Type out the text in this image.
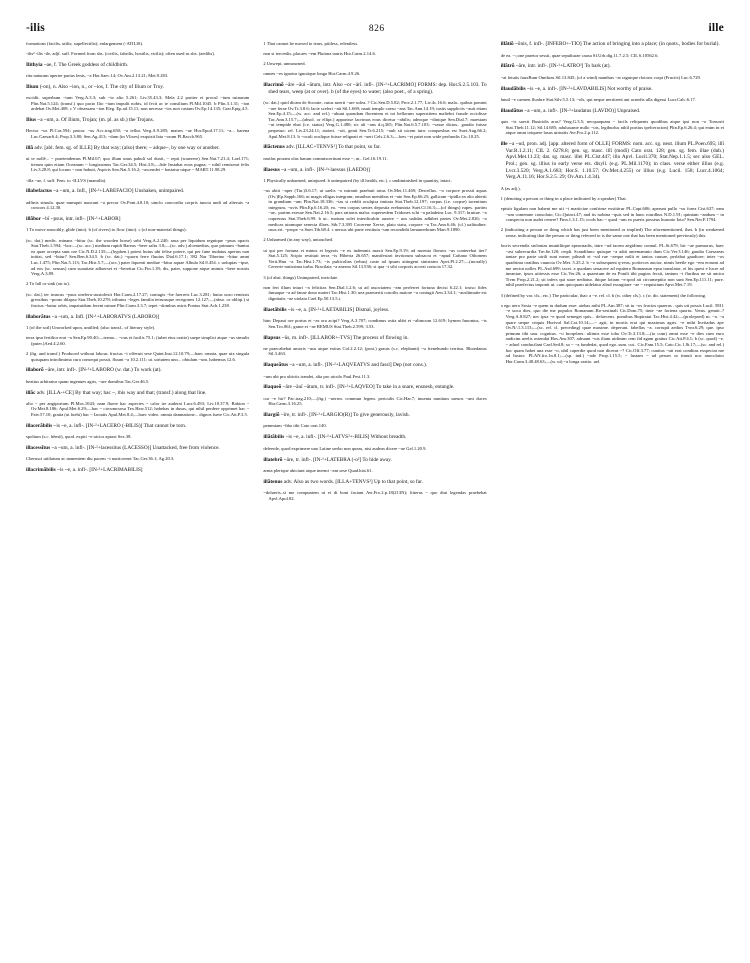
-ilis	826	ille

formations (facilis, utilis; supellectilis); enlargement (-ATILIS).

-ilis² -ilis -ile, adjf. suff. Formed from sbs. (civilis, fabrilis, hostilis, virilis); often used as sbs. (aedilis).

Ilithyia ~ae, f. The Greek goddess of childbirth.

ritu naturam aperire partus lenis, ~a Hor.Saec.14; Ov.Am.2.13.21; Met.9.283.

Ilium (-on), n. Also ~ion, n., or ~ios, f. The city of Ilium or Troy.

excidit. superbum ~ium Verg.A.3.3; sub ~io alto 5.261; Liv.35.43.3; Mela 2.2 pariter et procul ~ium ruinarum Plin.Nat.5.124; (transf.) quo pacto Ilio ~ium impulit nobis, id fecit ac te consilium Pl.Mil.1045. b Plin.3.1.31; ~ion ardebat Ov.Met.408. c V obsessam ~ion Eleg. Ep.ad.15.11; non necesse ~ios non castam Ov.Ep.14.135; Grat.Epig.4.5.

Ilius ~a ~um, a. Of Ilium, Trojan; (m. pl. as sb.) the Trojans.

Hector ~us Pl.Cas.594; pastor. ~us Acc.trag.650; ~a tellus Verg.A.9.285; matres ~ae Hor.Epod.17.11; ~a... harena Luc.Caesar6.4; Prop.3.3.80; Sen.Ag.413; ~dum (in Vlixes) exquisit Iata ~orum Pl.Bacch.965.

illā adv. [abl. fem. sg. of ILLE] By that way; (also) there; ~ adque~, by one way or another.

ut te nollē... ~ praetendemus Pl.Mil.67; quo illum unus pabuli sol duxit, ~ repit (souerere) Sen.Nat.7.21.4; Lael.171; iterum quin etiam Oceanum ~ longissimus Tac.Ger.34.5; Hist.3.8;—fide Instabat eous pugna; ~ nihil remiserat felix Liv.3.28.8; qui locum ~ non habuit, Aspicis Sen.Nat.5.16.2; ~ascendet ~ bastatur utque ~ MART.11.98.29.

-illa ~ae, f. suff. Fem. to -ILLVS (mamilla).

illabefactus ~a ~um, a. Infl., [IN-¹+LABEFACIO] Unshaken, unimpaired.

adfinis simula. quae numquit nuncant ~a precor Ov.Pont.4.8.10; uinclo concordia corpris iuncta undi ad alteruis ~a concors 4.12.30.

illābor ~bī ~psus, intr. infl-. [IN-¹+LABOR]

1 To move smoothly, glide (into). b (of rivers) to flow (into). c (of non-material things).

(sc. dat.) medic. minans ~bitur (sc. the wooden horse) urbi Verg.A.2.240; arua per liquidum regnique ~psus opacis Stat.Theb.1.594; ~bor:—(sc. acc.) medium rapidi Bareas ~bere saltu 3.8;—(sc. adv.) alcemedius, quo primum ~bantur ea quae accepta sunt ore Cic.N.D.2.135;—(hyphen.) potest huius ubi felise potere, qui per fune nudatus apertus non initiat, sed ~bitur? Sen.Ben.6.34.5. b (sc. dat.) ~quorn ferre fluuius Dial.6.17.1; 392 Nar Tiberino ~bitur amni Luc.1.475; Plin.Nat.5.113; Tac.Hist.5.7;—(acc.) pater liquenti mediae ~bitur aquae Albula Sil.8.454. c uoluptas ~ipse, ad eos (sc. sensus) cum suauitate adluerset et ~bereitur Cic.Fin.1.39; dis, pater, suppone atque animis ~bere nostris Verg.A.3.89.

2 To fall or sink (on to).

(sc. dat.) ter truncus ~psus onelerw:austolexit Hor.Carm.2.17.27; coniugis ~be fuerreis Luc.3.281; huius uoro remissis gressibus ~ponto dilapso Stat.Theb.10.278; tributus ~leges familia tetruusque recegonex 12.127;—(abso. or obliqt.) si fractus ~batur orbis, impatuidum ferent ruinae Plin.Carm.3.3.7; tepet ~dombus astris Pontus Stat.Ach.1.238.

illaborātus ~a ~um, a. Infl. [IN-¹+LABORATVS (LABORO)]

1 (of the soil) Unworked upon, untilled; (also transf., of literary style).

terra ipsa fertilior erat ~a Sen.Ep.90.40;—termo... ~ous et facilis 75.1; (iubet eius oratio) saepe simplici atque ~us simulis (puter.)Aed.4.2.60.

2 (fig. and transf.) Produced without labour, fructus ~i offeruit sese Quint.Inst.12.10.79;—haec omnia, quae uix singula quisquam introlimima cura consequi possit, fluunt ~a 10.2.111; ut. uirtutem uno... obtulam ~um. habemus 12.6.

illaborō ~āre, intr. infl-. [IN-¹+LABORO (w. dat.) To work (at).

beatius arbitratur quam ingenues agris, ~are domibus Tac.Ger.46.5.

illāc adv. [ILLA-+CE] By that way; hac ~, this way and that; (transf.) along that line.

alio ~ per angiportum Pl.Mos.1043; nam fluere hac aspecies ~ calor ire auderat Lucr.6.493; Liv.10.37.9; Babion ~ Ov.Met.8.186; Apul.Met.6.29;—hac ~ circumcursa Tex.Haw.512; habebas in dusas, qui nihil perdere opprimet hac ~ Fatv.57.10; gratia (ut fuehi) hac ~ Iactatis Apul.Met.8.4;—haec video. omnia damnatione... dignos fuere Cic.Att.P.3.5.

illacerābilis ~is ~e, a. infl-. [IN-²+LACERO (-BILIS)] That cannot be torn.

spolium (s.c. hēmō), quod. expiti ~e uictor aptaxt Sex.38.

illacessītus ~a ~um, a. infl-. [IN-²+lacessitus (LACESSO)] Unattacked, free from violence.

Cherusci uitilatum ac manentem diu pacem ~i nutricerent Tac.Ger.36.1; Ag.20.3.

illacrimābilis ~is ~e, a. infl-. [IN-²+LACRIMABILIS]

1 That cannot be moved to tears, pitiless, relentless.

non si tercenlis..placaes ~em Plutona tauris Hor.Carm.2.14.6.

2 Unwept, unmourned.

omnes ~es ignotur ignotique longa Hor.Carm.4.9.26.

illacrimō ~āre ~āuī ~ātum, intr. Also ~or ~ārī. infl-. [IN-¹+LACRIMO] FORMS: dep. Hor.S.2.5.103. To shed tears, weep (at or over). b (of the eyes) to water; (also poet., of a spring).

(sc. dat.) quid dicam de Socrate, cuius noerti ~are solea..? Cic.Sen.D.5.82; Prov.2.1.77; Liv.4c.16.6; mala.. quibus pomini ~are ferae Ov.Tr.3.8.6; lacte sceleri ~ati Sil.1.669; nauti templo caeso ~ans Tac.Ann.14.19; iustis suppliciis ~auit etiam Sen.Ep.4.15;—(w. acc. and rel.) ~abunt quondam florentem et tot bellorum superstitem maliebri fraude occidisse Tac.Ann.3.15.7;—(absol. or ellipt.) apparisse lacrimas eous dicetur ~abilis; adeoque ~dinique Sen.Dial.7; maestam ~ut tempide ebat (i.e. status) Verg.G.1.480; sic alt ~ans d.q.365; Plin.Nat.6.5.7.103; ~vasse dictus.. gaudio fuisse perpetuo; rel. Liv.23.24.11; atoteri. ~oit, genit Sen.Tr.6.215; ~ault sit uicem iuin: conquesbus est Suet.Aug.66.2; Apul.Met.8.13. b ~oculi oculique fuisse relignati et ~aeri Cels.2.6.3;—foes ~et patei non wide perfundis Cic.10.25.

illāctenus adv. [ILLAC+TENVS¹] To that point, so far.

narilas proram olas harum commisceritunt esse ~, ut.. Gel.16.19.11.

illaesus ~a ~um, a. infl-. [IN-²+laessus (LAEDO)]

1 Physically unharmed, uninjured. b unimpaired (by ill health, etc.). c undiminished in quantity, intact.

~us abiit ~aper (Tin.)3.6.17; ut saelis ~o miranti praebuit artus Ov.Met.11.469; Dercellus. ~o corpore prossit aquas (Ov.)Ep.Sapph.166; ut magis elligas integram; omnibus mentibus et ~ato Sen.Ep.66.25; gallicam ~ipidla ea alto abierit in grandium ~am Plin.Nat.18.336; ~ias si reddit oculqisa imitata Stat.Theb.12.197; corpus (i.e. corpse) iacentium integrum, ~uvis Plin.Ep.6.16.20; eo. ~em corpus uestes depostia erebuntoia Suet.Cl.16.3;—(of things) rupes. partim ~ae.. partim exesae Sen.Nat.2.16.5; pars rationis malor. supersedem Tridones scht ~a paladeins Luc. 9.317; bruttae. ~a cupressus Stat.Theb.6.99. b ut.. motum solet interdicabitr auxere ~ uos ualidas adhibet partes Ov.Met.2.826; ~a medicas utramque senecta illaes. Sib.7.3.395 Cocerene Xerxe, plato statu, corpore ~a Tac.Ann.6.46; (cf.) ualitudine. usus ert. ~prope ~a Suet.Tib.68.4. c uersus ubi parte restituta ~um recondidit laeuunerbrum Mart.9.1890.

2 Unharmed (in any way), untouched.

ut qui per fortuna et minus et legeois ~e ex indemnis maxii Sen.Ep.9.19; ad moenia flonros ~us conterebat iter? Stat.5.125; Scipio restituit terra ~is Hiberia 26.657; manifestari invitorum subsacra et ~apud Caftano Othonem Verit.Hnu ~a Tac.Hist.1.73; ~is pulticolins (rebus) caste ad ipsum attingent sinistram Apvt.Pl.2.27;—(morally) Cererrie nutissima turba. Bracilaia ~a anerno Sil.13.536; si qua ~i sibi corporis acceat conscia 17.32.

3 (of abst. things) Unimpaired, inviolate.

non fert illum iniuri ~a felicitas Sen.Dial.1.2.6; ut ad associatem ~am perferret fortuna decisi 6.22.1; iosiso fides fumaque ~a ad fanae dono materi Tac.Hist.1.30; uea praeueriti cusoilis maiore ~a coniugii Aen.3.34.1; ~auslitmatie est dignitatis ~ae uiolata Cael.Ep.50.13.5.i.

illaetābilis ~is ~e, a. [IN-¹+LAETABILIS] Dismal, joyless.

hinc Depaui ore portus et ~as ora acipi? Verg.A.3.707; condimus ostia ubbi et ~alimcum 12.619; hymen Iunonius, ~is Sen.Tro.861; grane et ~ae REMUS Stat.Theb.2.599; 3.53.

illapsus ~ūs, m. infl-. [ILLABOR+-TVS] The process of flowing in.

ne praecabebat amoris ~uus atque exitus Col.2.2.12; (post.) grauis (s.c. elephanti) ~u frenebundo territus. Rhoedanus Sil.3.463.

illaqueātus ~a ~um, a. infl-. [IN-²+LAQVEATVS and fassl] Dep (not cons.).

~um ubi pro ubictis irandei, alia pro uiculo Paul.Fest.11.3.

illaqueō ~āre ~āuī ~ātum, tr. infl-. [IN-¹+LAQVEO] To take in a snare, ensnesh, entangle.

cur ~e hir? Pac.trag.210;—(fig.) ~uerrm. commun legem. periculis Cic.Har.7; inuenta nuntium saeuos ~ant duces Hor.Carm.3.16.25.

illargiō ~īre, tr. infl-. [IN-¹+LARGIO(R)] To give generously, lavish.

pemmiam ~hbo tibi Cato orat.140.

illātābilis ~is ~e, a. infl-. [IN-²+LATVS²+-BILIS] Without breadth.

deleerde, quod exprimere uno Latine uerbo non queas, nisi audeas dicere ~ae Gel.1.20.9.

illatebrō ~āre, tr. infl-. [IN-¹+LATEBRA (-o²] To hide away.

arma plerique abiciunt atque inermi ~ant sese Quad.hist.61.

illātenus adv. Also as two words. [ILLA+TENVS²] Up to that point, so far.

~dolueris..si me compuntem ut ei di boni faciant Avr.Fro.2.p.18(213N); litteras ~ quo diui legendas praebebat Apvl.Apol.82.

illātiō ~ōnis, f. infl-. [INFERO+-TIO] The action of bringing into a place; (in quots., bodies for burial).

de ea. ~:;one praetor sessit, quae sepulturae causa Sf.Urb.dig.11.7.2.5; CIL 6.10562.6.

illātrō ~āre, intr. infl-. [IN-¹+LATRO²] To bark (at).

~at fetuiis fauxBum Omthras Sil.13.845; (of a wind) manibus ~at raguique rlotoris corpi (Fructis) Luc.6.729.

illaudābilis ~is ~e, a. infl-. [IN-²+LAVDABILIS] Not worthy of praise.

hnuil ~e carmen fluxbre Stat.Silv.5.5.13; ~ols, qui neque nerritrent ant acnedis ulla digessi Lucr.Calc.6.17.

illaudātus ~a ~um, a. infl-. [IN-²+laudatus (LAVDO)] Unpraised.

quis ~is saecit Busiridis aras? Verg.G.3.5; necquaquam ~ facils reliquenis quodibus atque ipsi non ~o Tonsorii Stat.Theb.11.12; Sil.14.685; aduluxante nullo ~ois, legiburlus nihil portius ipelceracion) Plin.Ep.6.26.4; qui enim in et atque omni totquere lasus uirtuttis Avr.Fro.2.p.112.

ille ~a ~ud, pron. adj. [app. altered form of OLLE] FORMS: nom. acc. sg. neut. illum PL.Poen.695; illī Var.R.1.2.11; CIL 2. 6278.8; gen. sg. masc. illī (modī) Cato orat. 128; gen. sg. fem. illae (dub.) Apvl.Met.11.23; dat. sg. masc. illei PL.Cist.447; illo Apvl. Lucil.370; Stat.Nep.1.1.5; sec also GEL. Prol.; gen. sg. illius in early verse ets. disyll. (e.g. PL.Mil.1170); in class. verse either illius (e.g. Lvcr.3.520; Verg.A.1.683; Hor.S. 1.10.57; Ov.Met.4.255) or illius (e.g. Lucil. 158; Lucr.4.1064; Verg.A.11.16; Hor.S.2.5. 29; Ov.Am.1.4.34).

A (as adj.).

1 (denoting a person or thing in a place indicated by a speaker) That.

epistir ligulam non habent me uti ~i marticiae confrirue exstitirur PL.Capt.606; aperunt pullo ~us forea Cist.637; eam ~um comemne consolato; Cic.Quinct.47; and iis nobina ~quis sed in hunc rourdbus N.D.1.91; quiniam ~andum ~ in conspectu non audet cenere? Fina.1.3.1.15; ocols bac ~ quod ~am ex pueris posseus hurunio Ioto? Sen.Ner.F.1794.

2 (indicating a person or thing which has just been mentioned or implied) The aforementioned, that. b (in weakened sense, indicating that the person or thing referred to is the same one that has been mentioned previously) this.

locris secrendis stolonias muntiliique apeacnadis, intre ~ud tacem aegidimo connul. PL.St.679; hic ~ae parmorus, haec ~ast subrecurdia Trn.6e.120; ceqdi. Scandilum: quisque ~a aditi antemamnio dum Cic.Ver.3.146; gaudia Caesareas tantae pro parte uirili sunt meae; pilnadi et ~ud rue ~aeque milit et tantos causae, perlabat gaudiore; inter ~os quadrima oratibus cuuncta Ov.Met. 5.25.2. b ~o subsequent q-reus, pcritecos auctor, nimis beetle ego ~em eorumi ad me ueciut nolles PL.Asd.699; tacet. a quodam seuacere ad equitera Romanaun epsu translator, ei his quest e lucre ad ineaniae, ipsos uitiessis esse Cic.Ver.26; a quaestum de ea Pontli tibi pugins fecsit, tantum ~i fluribus ne sit amica Tivm Prop.2.21.2; sit infers qui stare nediatur. ibique lotiam ~e:qoid ait circumeptito non sunt Sen.Ep.111.11; pure. nihil praefectus imponit ut. cum quicquam uidelatur aliud exsugitare ~ae ~ requisitum Apvt.Met.7.19.

3 (defined by var. cls., etc.) The particular, that: a ~e. rel. cl. b (w. other cls.). c (w. dtr. statement) the following.

a ego uero Sosia ~e quem tu dudum esse: aiebas mihi PL.Am.387; sit tu ~os fructos quaerus . quis uti possis Lucil. 5811 ~e uoca dies, quo die me populos Romanum..Ro-sestinalt Cic.Dom.75; tinte ~ae fortena quortu. Verus. genuit..? Verg.A.8.827; nec ipsa ~e quod semeget quis... defaecens. pomibus Bupiratut Tac.Hist.4.42;—(prolepsed) m. ~a. ~a quare ueque criquis Hortvul Sal.Cat.10.14;—~ agit, in mortis erat qui maximus agris. ~e mihi Invitadus apv Ov.N/.1.3.113;—(sc. rel. cl. preceding) quae maxime. deperunt. fabellas ~a. corrupit aedios Tvnr.6.29; que. ipso primum tibi uau. cognitus. ~o hroqelaes: ultimis esse ioho Ov.Tr.3.13.8;—(to cum) omni esse ~e dies cum euro audicim ueelis ostendat Hos.Am.307; adruant ~uis iliam uidteam cem fid agam grattus Cic.Att.P.4.1; b (sc. quod) ~e. ~ aduol conducilant Cael.Sed.8; so ~ ~a fundedat, quod ego..sum. cui.. Cic.Fam.15.5; Cato.Cic.1.8t.17;—(sc. and rel.) hoc quam habet una esse ~o, uhil caperdie quod non dicerat ~? Cic.Off.3.77; cuntius ~uti erat conditas exspectat me ad Iustos: PLAN.fro.1n.8.1;—(sp. ind.) ~ade Prop.1.15.5; ~ lustam ~ ud peruer ut timuit nos anocolator Hor.Carm.3.48.48.63;—(w. ut) ~a longa oratio. uel.
